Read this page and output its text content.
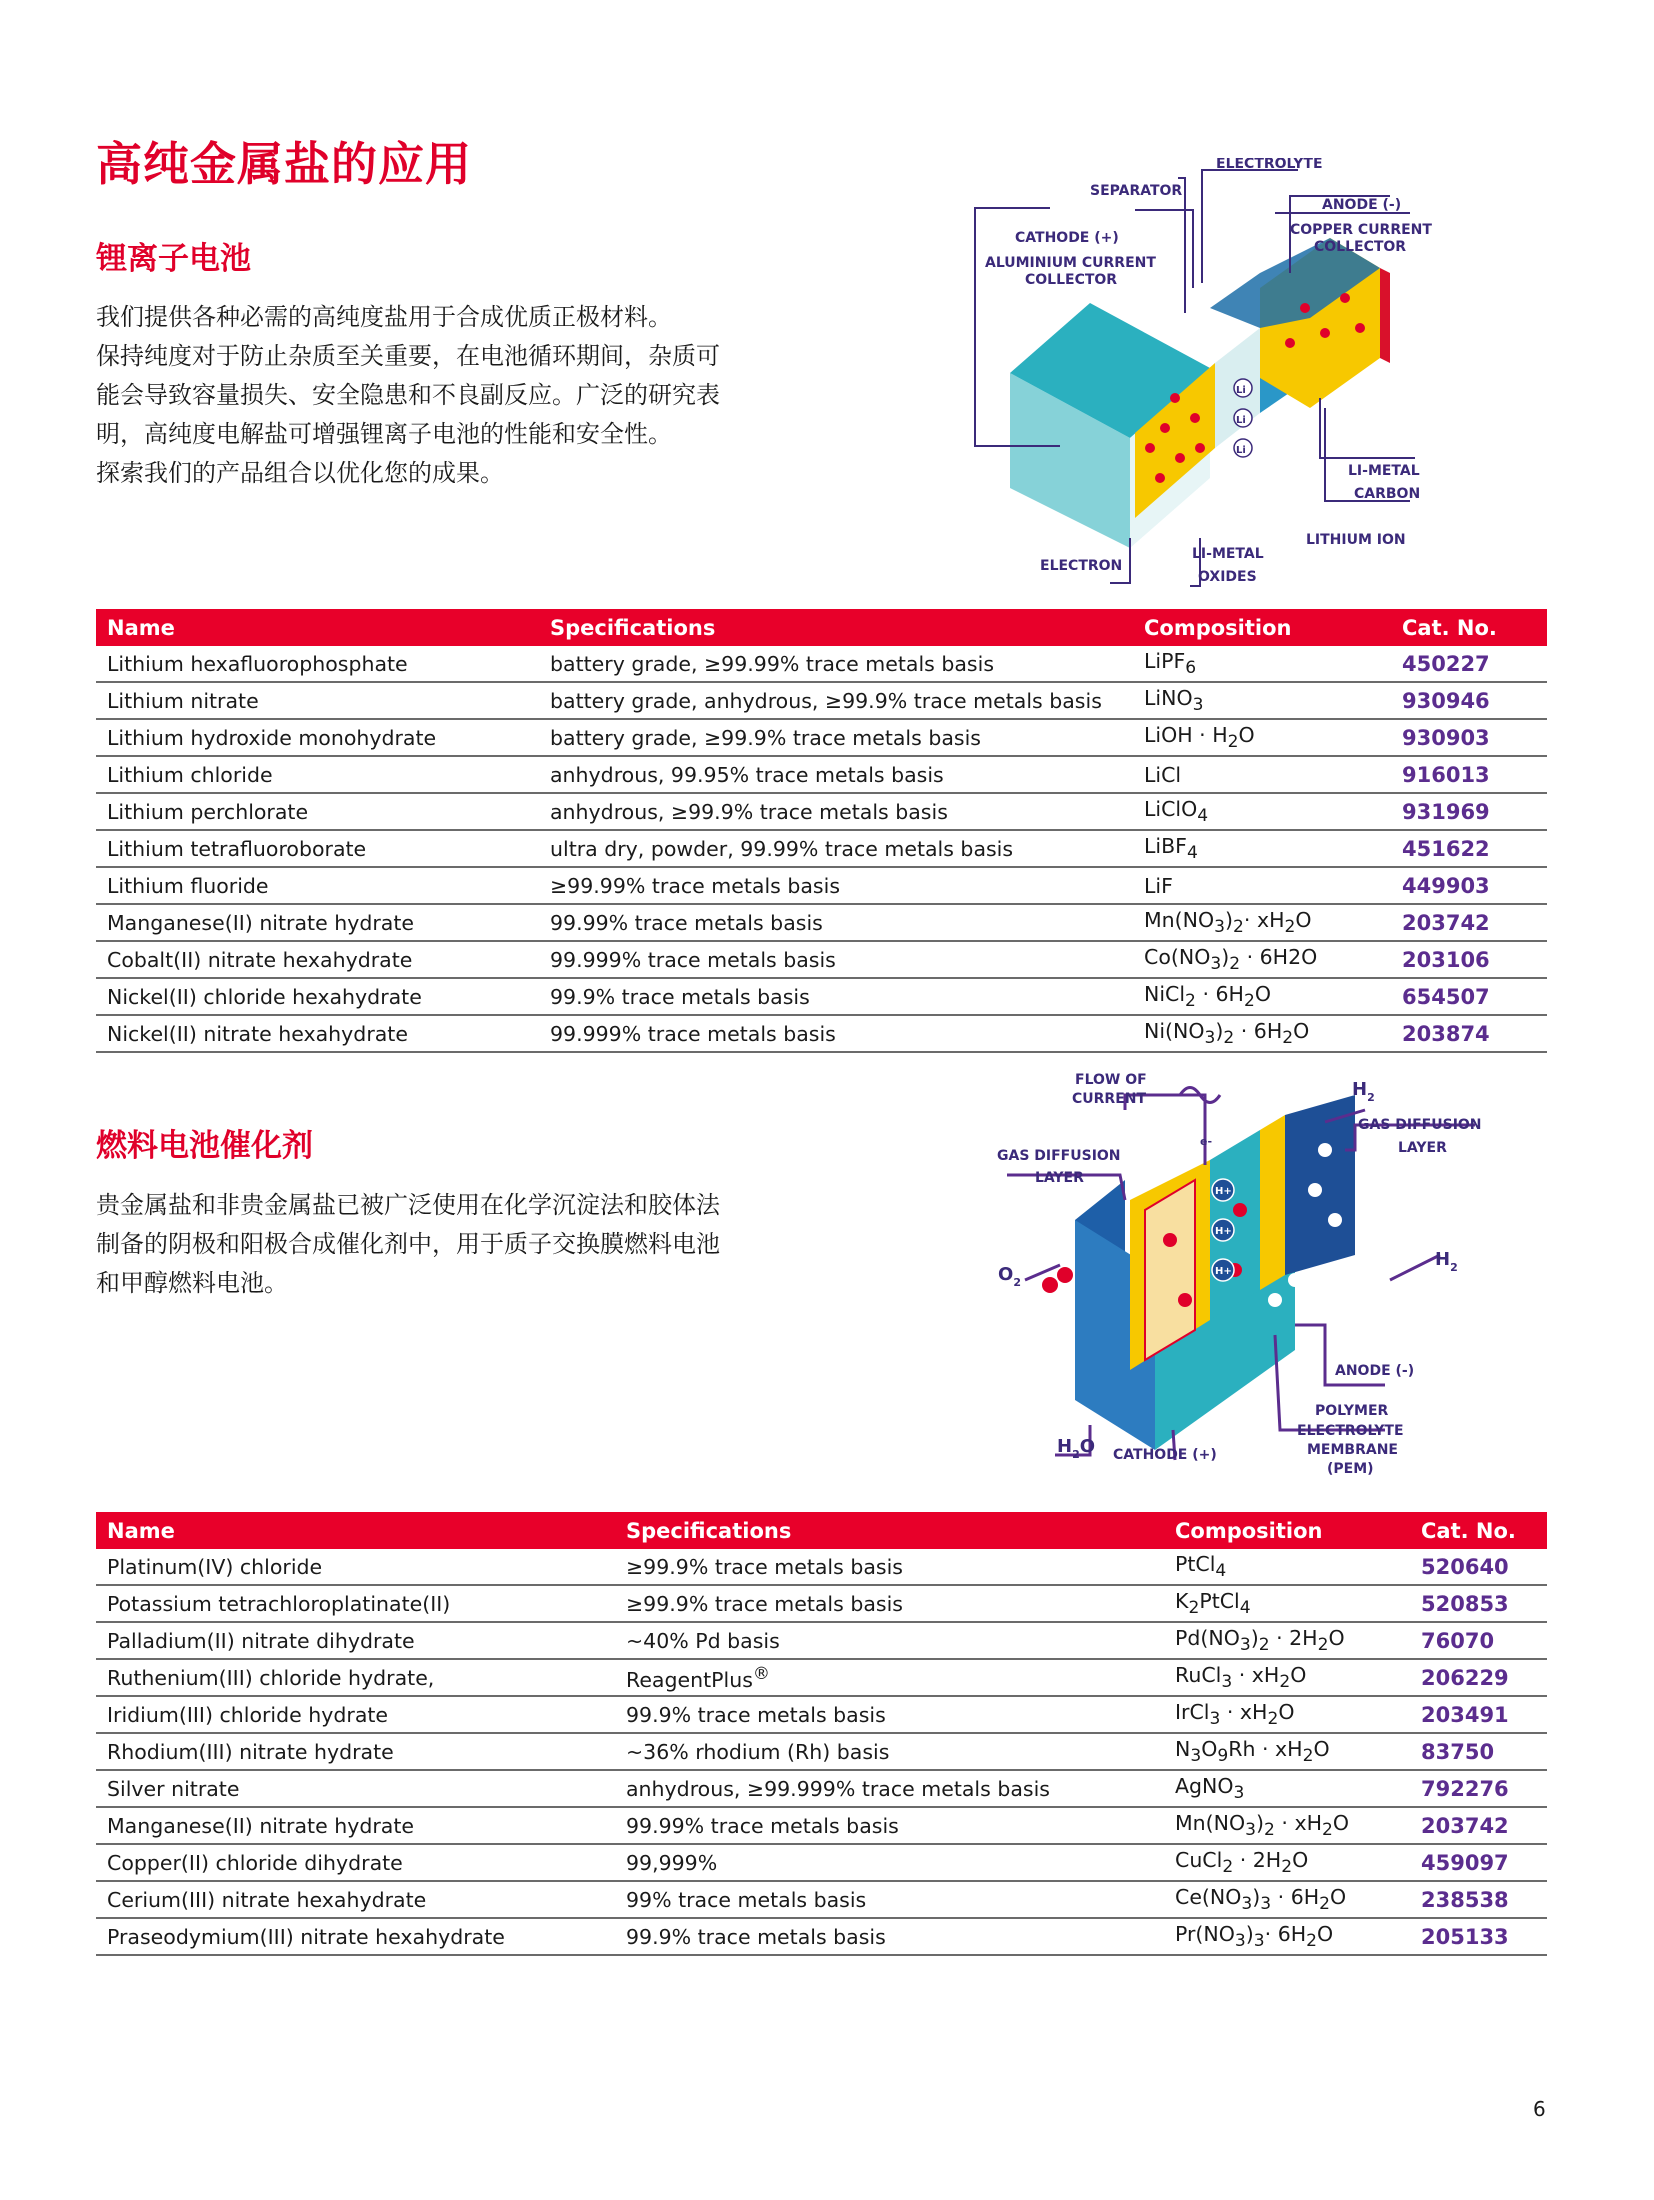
高纯金属盐的应用
锂离子电池

我们提供各种必需的高纯度盐用于合成优质正极材料。

保持纯度对于防止杂质至关重要，在电池循环期间，杂质可

能会导致容量损失、安全隐患和不良副反应。广泛的研究表

明，高纯度电解盐可增强锂离子电池的性能和安全性。

探索我们的产品组合以优化您的成果。

Li
Li
Li
SEPARATOR
ELECTROLYTE
ANODE (-)
COPPER CURRENT
COLLECTOR
CATHODE (+)
ALUMINIUM CURRENT
COLLECTOR
LI-METAL
CARBON
LITHIUM ION
ELECTRON
LI-METAL
OXIDES
Name	Specifications	Composition	Cat. No.
Lithium hexafluorophosphate	battery grade, ≥99.99% trace metals basis	LiPF$_6$	450227
Lithium nitrate	battery grade, anhydrous, ≥99.9% trace metals basis	LiNO$_3$	930946
Lithium hydroxide monohydrate	battery grade, ≥99.9% trace metals basis	LiOH · $H_2O$	930903
Lithium chloride	anhydrous, 99.95% trace metals basis	LiCl	916013
Lithium perchlorate	anhydrous, ≥99.9% trace metals basis	LiClO$_4$	931969
Lithium tetrafluoroborate	ultra dry, powder, 99.99% trace metals basis	LiBF$_4$	451622
Lithium fluoride	≥99.99% trace metals basis	LiF	449903
Manganese(II) nitrate hydrate	99.99% trace metals basis	$Mn(NO_3)_2\cdot xH_2O$	203742
Cobalt(II) nitrate hexahydrate	99.999% trace metals basis	$Co(NO_3)_2 \cdot 6H2O$	203106
Nickel(II) chloride hexahydrate	99.9% trace metals basis	NiCl$_2$ · $6H_2O$	654507
Nickel(II) nitrate hexahydrate	99.999% trace metals basis	$Ni(NO_3)_2 \cdot 6H_2O$	203874
燃料电池催化剂

贵金属盐和非贵金属盐已被广泛使用在化学沉淀法和胶体法

制备的阴极和阳极合成催化剂中，用于质子交换膜燃料电池

和甲醇燃料电池。

H+
H+
H+
FLOW OF
CURRENT	$H_2$
GAS DIFFUSION
LAYER
GAS DIFFUSION
LAYER
e-
$O_2$
$H_2$
ANODE (-)
POLYMER
ELECTROLYTE
MEMBRANE
(PEM)
$H_2O$ CATHODE (+)
Name	Specifications	Composition	Cat. No.
Platinum(IV) chloride	≥99.9% trace metals basis	PtCl$_4$	520640
Potassium tetrachloroplatinate(II)	≥99.9% trace metals basis	$K_2PtCl_4$	520853
Palladium(II) nitrate dihydrate	~40% Pd basis	$Pd(NO_3)_2 \cdot 2H_2O$	76070
Ruthenium(III) chloride hydrate,	ReagentPlus®	RuCl$_3$ · $xH_2O$	206229
Iridium(III) chloride hydrate	99.9% trace metals basis	IrCl$_3$ · $xH_2O$	203491
Rhodium(III) nitrate hydrate	~36% rhodium (Rh) basis	$N_3O_9Rh \cdot xH_2O$	83750
Silver nitrate	anhydrous, ≥99.999% trace metals basis	AgNO$_3$	792276
Manganese(II) nitrate hydrate	99.99% trace metals basis	$Mn(NO_3)_2 \cdot xH_2O$	203742
Copper(II) chloride dihydrate	99,999%	CuCl$_2$ · $2H_2O$	459097
Cerium(III) nitrate hexahydrate	99% trace metals basis	$Ce(NO_3)_3 \cdot 6H_2O$	238538
Praseodymium(III) nitrate hexahydrate	99.9% trace metals basis	$Pr(NO_3)_3\cdot 6H_2O$	205133
6
